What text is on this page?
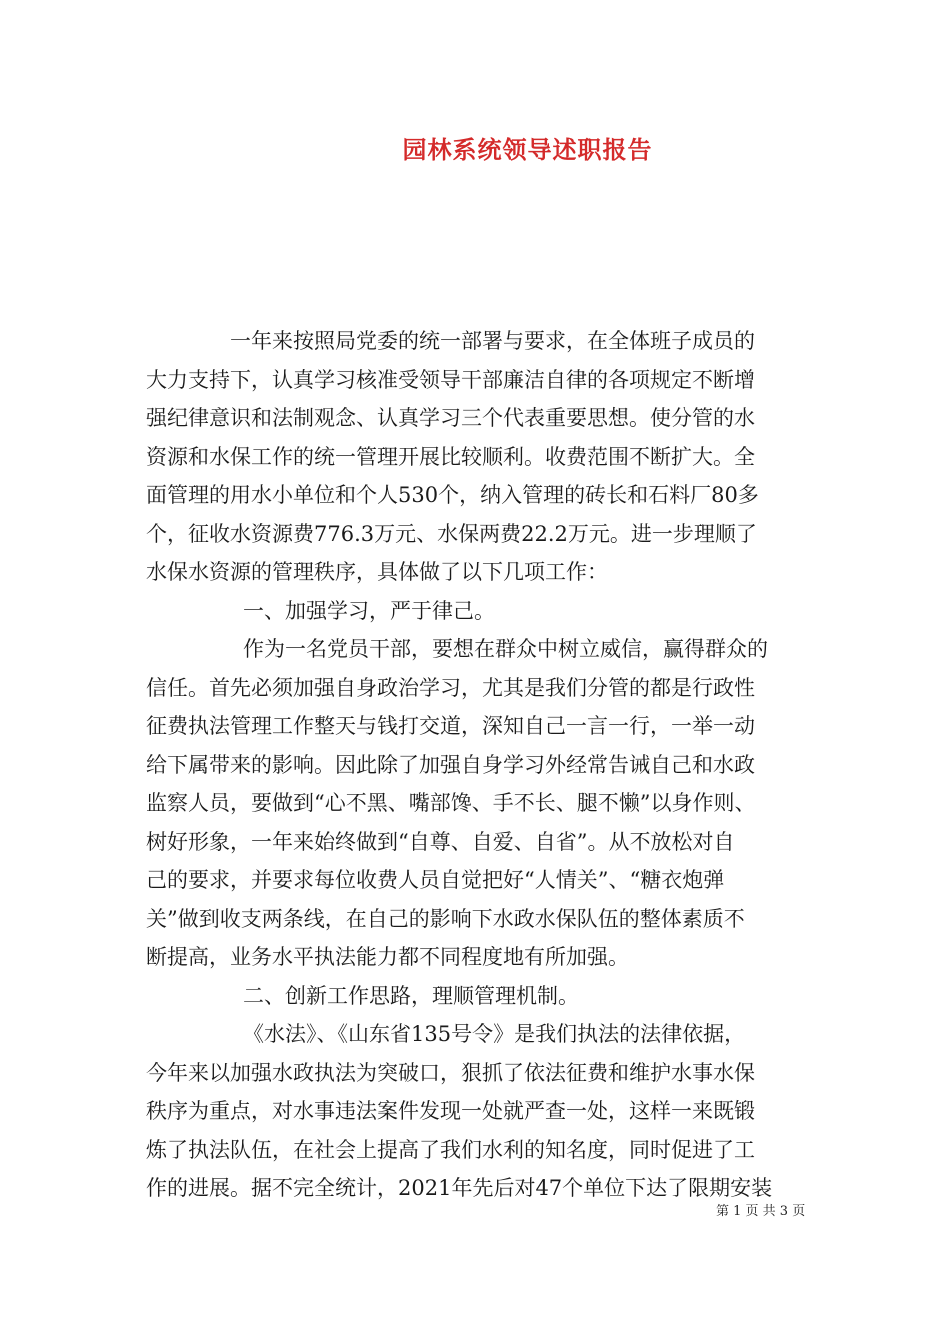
园林系统领导述职报告
一年来按照局党委的统一部署与要求，在全体班子成员的
大力支持下，认真学习核准受领导干部廉洁自律的各项规定不断增
强纪律意识和法制观念、认真学习三个代表重要思想。使分管的水
资源和水保工作的统一管理开展比较顺利。收费范围不断扩大。全
面管理的用水小单位和个人530个，纳入管理的砖长和石料厂80多
个，征收水资源费776.3万元、水保两费22.2万元。进一步理顺了
水保水资源的管理秩序，具体做了以下几项工作：
一、加强学习，严于律己。
作为一名党员干部，要想在群众中树立威信，赢得群众的
信任。首先必须加强自身政治学习，尤其是我们分管的都是行政性
征费执法管理工作整天与钱打交道，深知自己一言一行，一举一动
给下属带来的影响。因此除了加强自身学习外经常告诫自己和水政
监察人员，要做到“心不黑、嘴部馋、手不长、腿不懒”以身作则、
树好形象，一年来始终做到“自尊、自爱、自省”。从不放松对自
己的要求，并要求每位收费人员自觉把好“人情关”、“糖衣炮弹
关”做到收支两条线，在自己的影响下水政水保队伍的整体素质不
断提高，业务水平执法能力都不同程度地有所加强。
二、创新工作思路，理顺管理机制。
《水法》、《山东省135号令》是我们执法的法律依据，
今年来以加强水政执法为突破口，狠抓了依法征费和维护水事水保
秩序为重点，对水事违法案件发现一处就严查一处，这样一来既锻
炼了执法队伍，在社会上提高了我们水利的知名度，同时促进了工
作的进展。据不完全统计，2021年先后对47个单位下达了限期安装
第 1 页 共 3 页
